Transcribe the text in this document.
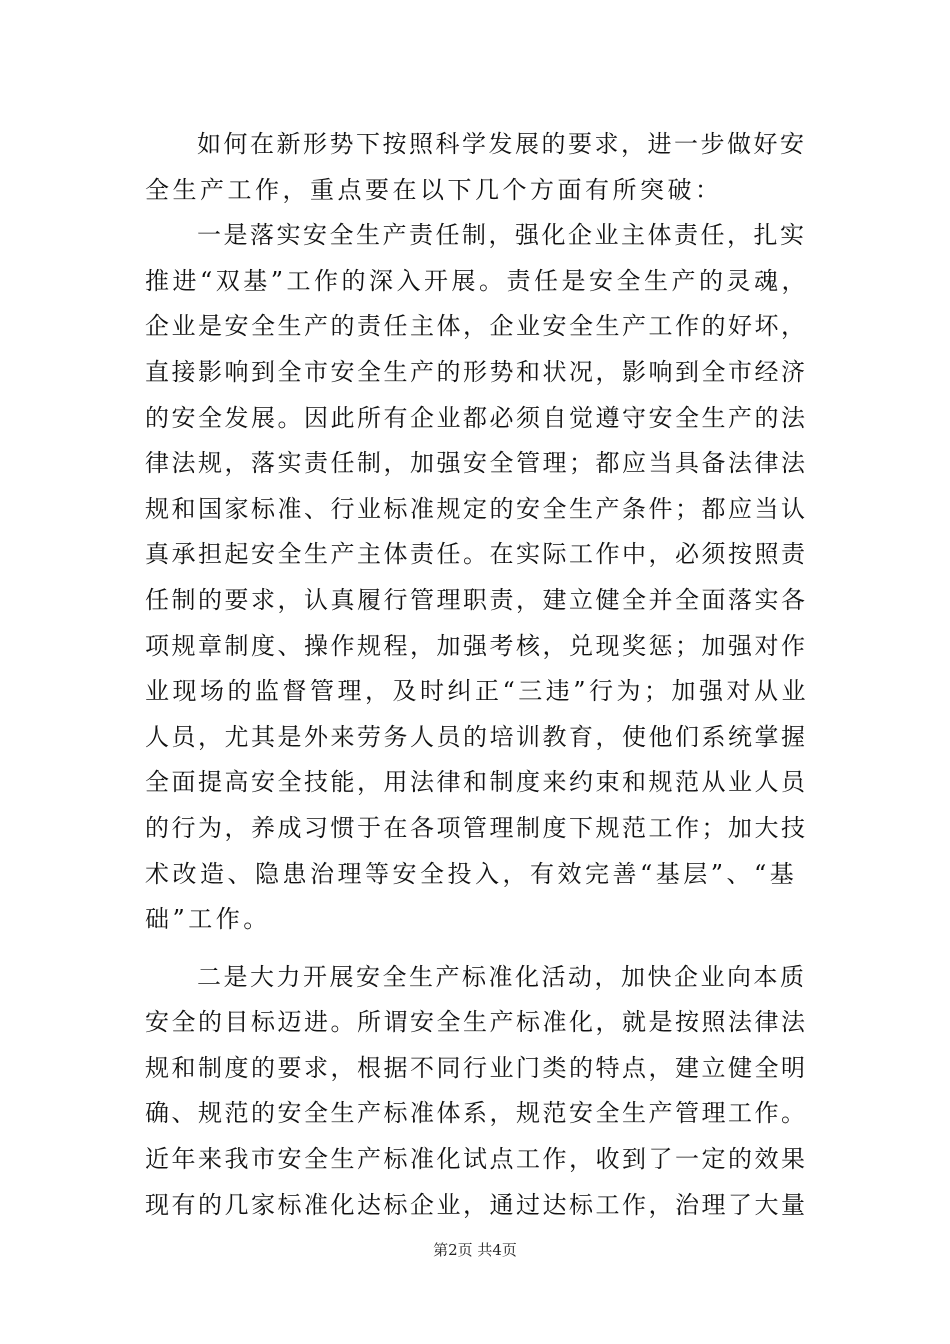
如何在新形势下按照科学发展的要求，进一步做好安
全生产工作，重点要在以下几个方面有所突破：
一是落实安全生产责任制，强化企业主体责任，扎实
推进“双基”工作的深入开展。责任是安全生产的灵魂，
企业是安全生产的责任主体，企业安全生产工作的好坏，
直接影响到全市安全生产的形势和状况，影响到全市经济
的安全发展。因此所有企业都必须自觉遵守安全生产的法
律法规，落实责任制，加强安全管理；都应当具备法律法
规和国家标准、行业标准规定的安全生产条件；都应当认
真承担起安全生产主体责任。在实际工作中，必须按照责
任制的要求，认真履行管理职责，建立健全并全面落实各
项规章制度、操作规程，加强考核，兑现奖惩；加强对作
业现场的监督管理，及时纠正“三违”行为；加强对从业
人员，尤其是外来劳务人员的培训教育，使他们系统掌握
全面提高安全技能，用法律和制度来约束和规范从业人员
的行为，养成习惯于在各项管理制度下规范工作；加大技
术改造、隐患治理等安全投入，有效完善“基层”、“基
础”工作。
二是大力开展安全生产标准化活动，加快企业向本质
安全的目标迈进。所谓安全生产标准化，就是按照法律法
规和制度的要求，根据不同行业门类的特点，建立健全明
确、规范的安全生产标准体系，规范安全生产管理工作。
近年来我市安全生产标准化试点工作，收到了一定的效果
现有的几家标准化达标企业，通过达标工作，治理了大量
第2页 共4页
